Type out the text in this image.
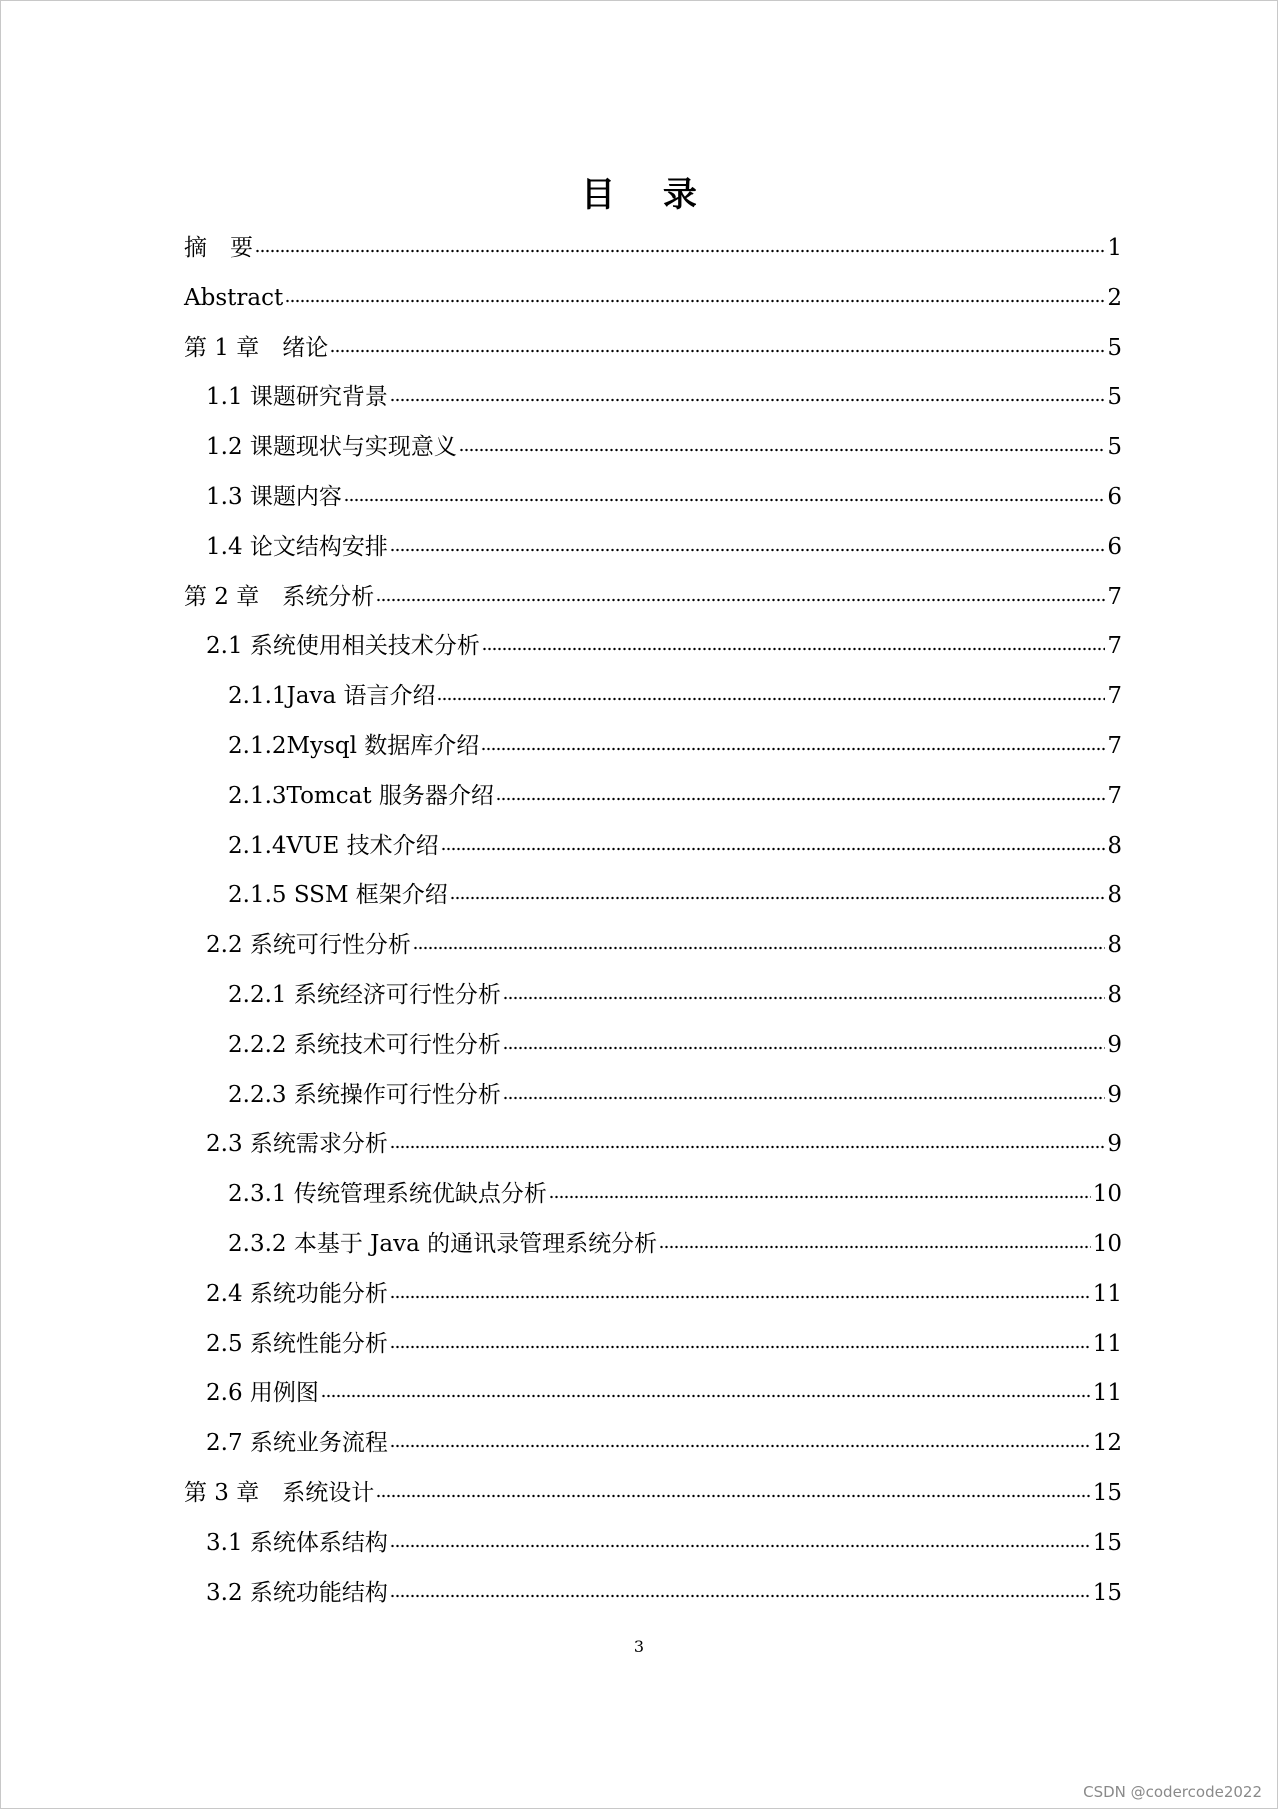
目 录
摘　要	1
Abstract	2
第 1 章　绪论	5
1.1 课题研究背景	5
1.2 课题现状与实现意义	5
1.3 课题内容	6
1.4 论文结构安排	6
第 2 章　系统分析	7
2.1 系统使用相关技术分析	7
2.1.1Java 语言介绍	7
2.1.2Mysql 数据库介绍	7
2.1.3Tomcat 服务器介绍	7
2.1.4VUE 技术介绍	8
2.1.5 SSM 框架介绍	8
2.2 系统可行性分析	8
2.2.1 系统经济可行性分析	8
2.2.2 系统技术可行性分析	9
2.2.3 系统操作可行性分析	9
2.3 系统需求分析	9
2.3.1 传统管理系统优缺点分析	10
2.3.2 本基于 Java 的通讯录管理系统分析	10
2.4 系统功能分析	11
2.5 系统性能分析	11
2.6 用例图	11
2.7 系统业务流程	12
第 3 章　系统设计	15
3.1 系统体系结构	15
3.2 系统功能结构	15
3
CSDN @codercode2022
